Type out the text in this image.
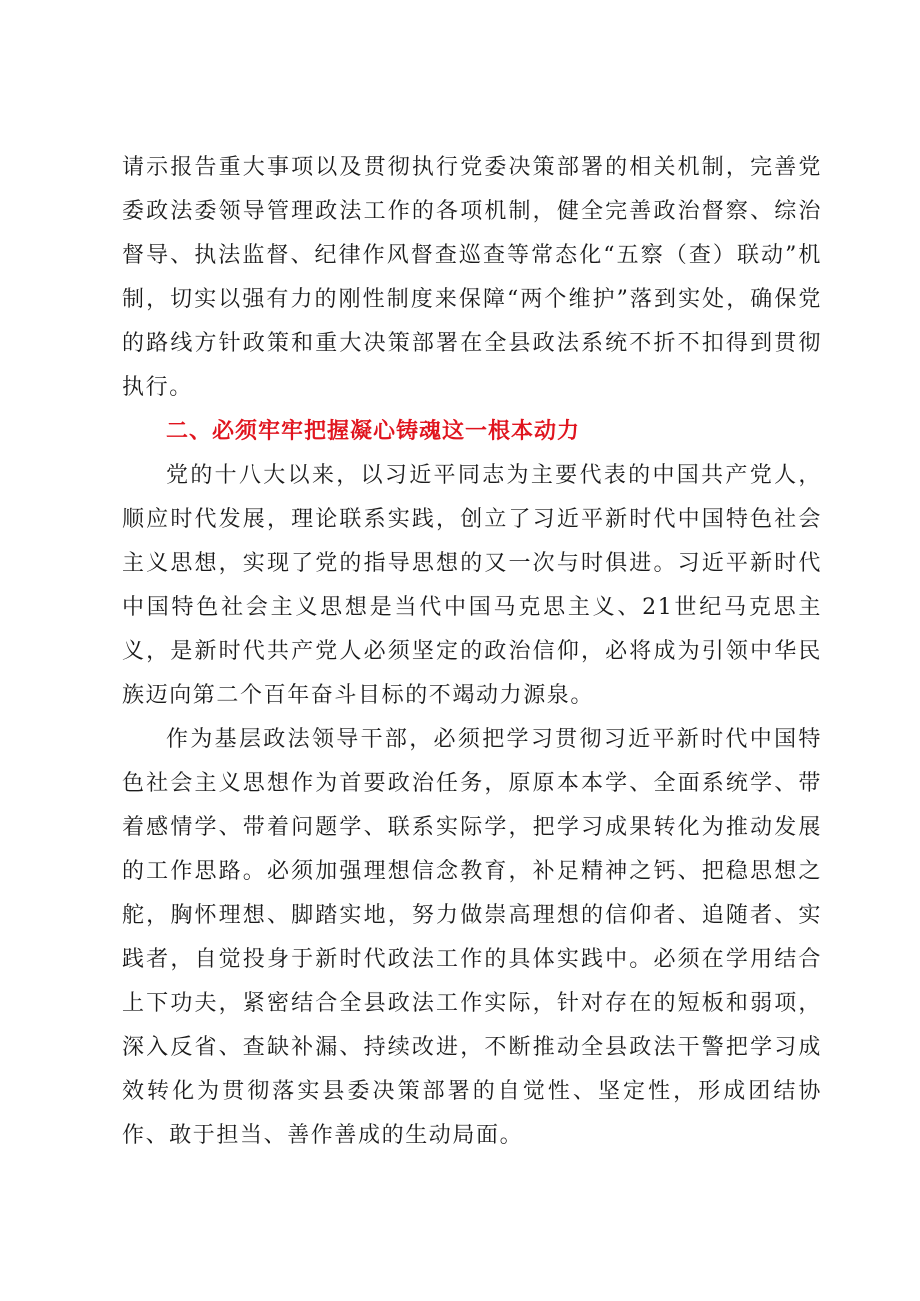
请示报告重大事项以及贯彻执行党委决策部署的相关机制，完善党委政法委领导管理政法工作的各项机制，健全完善政治督察、综治督导、执法监督、纪律作风督查巡查等常态化“五察（查）联动”机制，切实以强有力的刚性制度来保障“两个维护”落到实处，确保党的路线方针政策和重大决策部署在全县政法系统不折不扣得到贯彻执行。

二、必须牢牢把握凝心铸魂这一根本动力

党的十八大以来，以习近平同志为主要代表的中国共产党人，顺应时代发展，理论联系实践，创立了习近平新时代中国特色社会主义思想，实现了党的指导思想的又一次与时俱进。习近平新时代中国特色社会主义思想是当代中国马克思主义、21世纪马克思主义，是新时代共产党人必须坚定的政治信仰，必将成为引领中华民族迈向第二个百年奋斗目标的不竭动力源泉。

作为基层政法领导干部，必须把学习贯彻习近平新时代中国特色社会主义思想作为首要政治任务，原原本本学、全面系统学、带着感情学、带着问题学、联系实际学，把学习成果转化为推动发展的工作思路。必须加强理想信念教育，补足精神之钙、把稳思想之舵，胸怀理想、脚踏实地，努力做崇高理想的信仰者、追随者、实践者，自觉投身于新时代政法工作的具体实践中。必须在学用结合上下功夫，紧密结合全县政法工作实际，针对存在的短板和弱项，深入反省、查缺补漏、持续改进，不断推动全县政法干警把学习成效转化为贯彻落实县委决策部署的自觉性、坚定性，形成团结协作、敢于担当、善作善成的生动局面。
